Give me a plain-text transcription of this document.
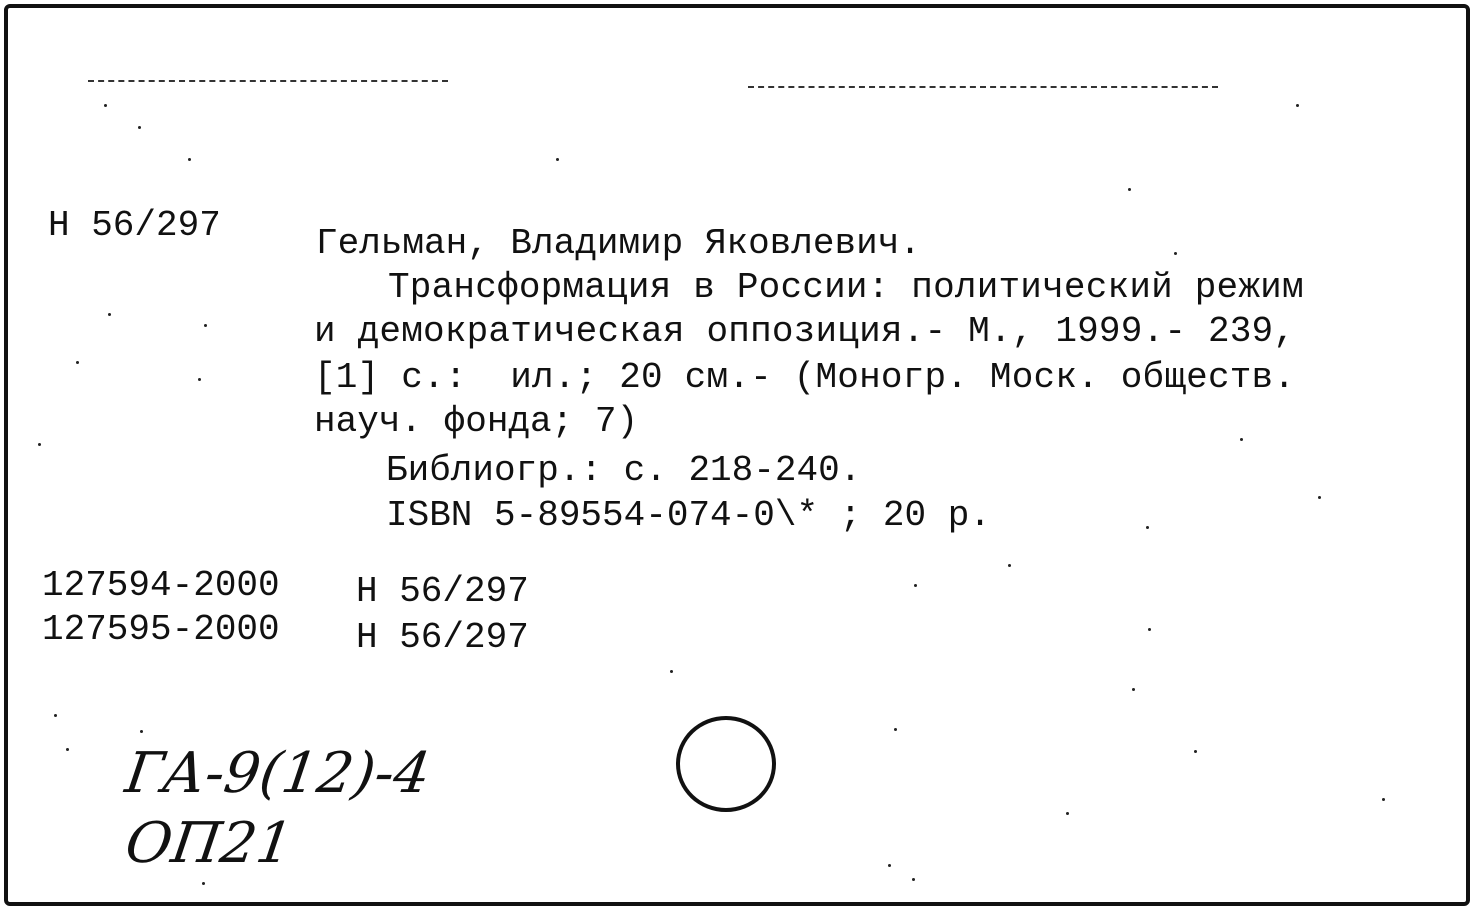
Н 56/297	Гельман, Владимир Яковлевич.
Трансформация в России: политический режим
и демократическая оппозиция.- М., 1999.- 239,
[1] с.:  ил.; 20 см.- (Моногр. Моск. обществ.
науч. фонда; 7)
Библиогр.: с. 218-240.
ISBN 5-89554-074-0\* ; 20 р.
127594-2000 Н 56/297
127595-2000 Н 56/297
ГА-9(12)-4
ОП21
